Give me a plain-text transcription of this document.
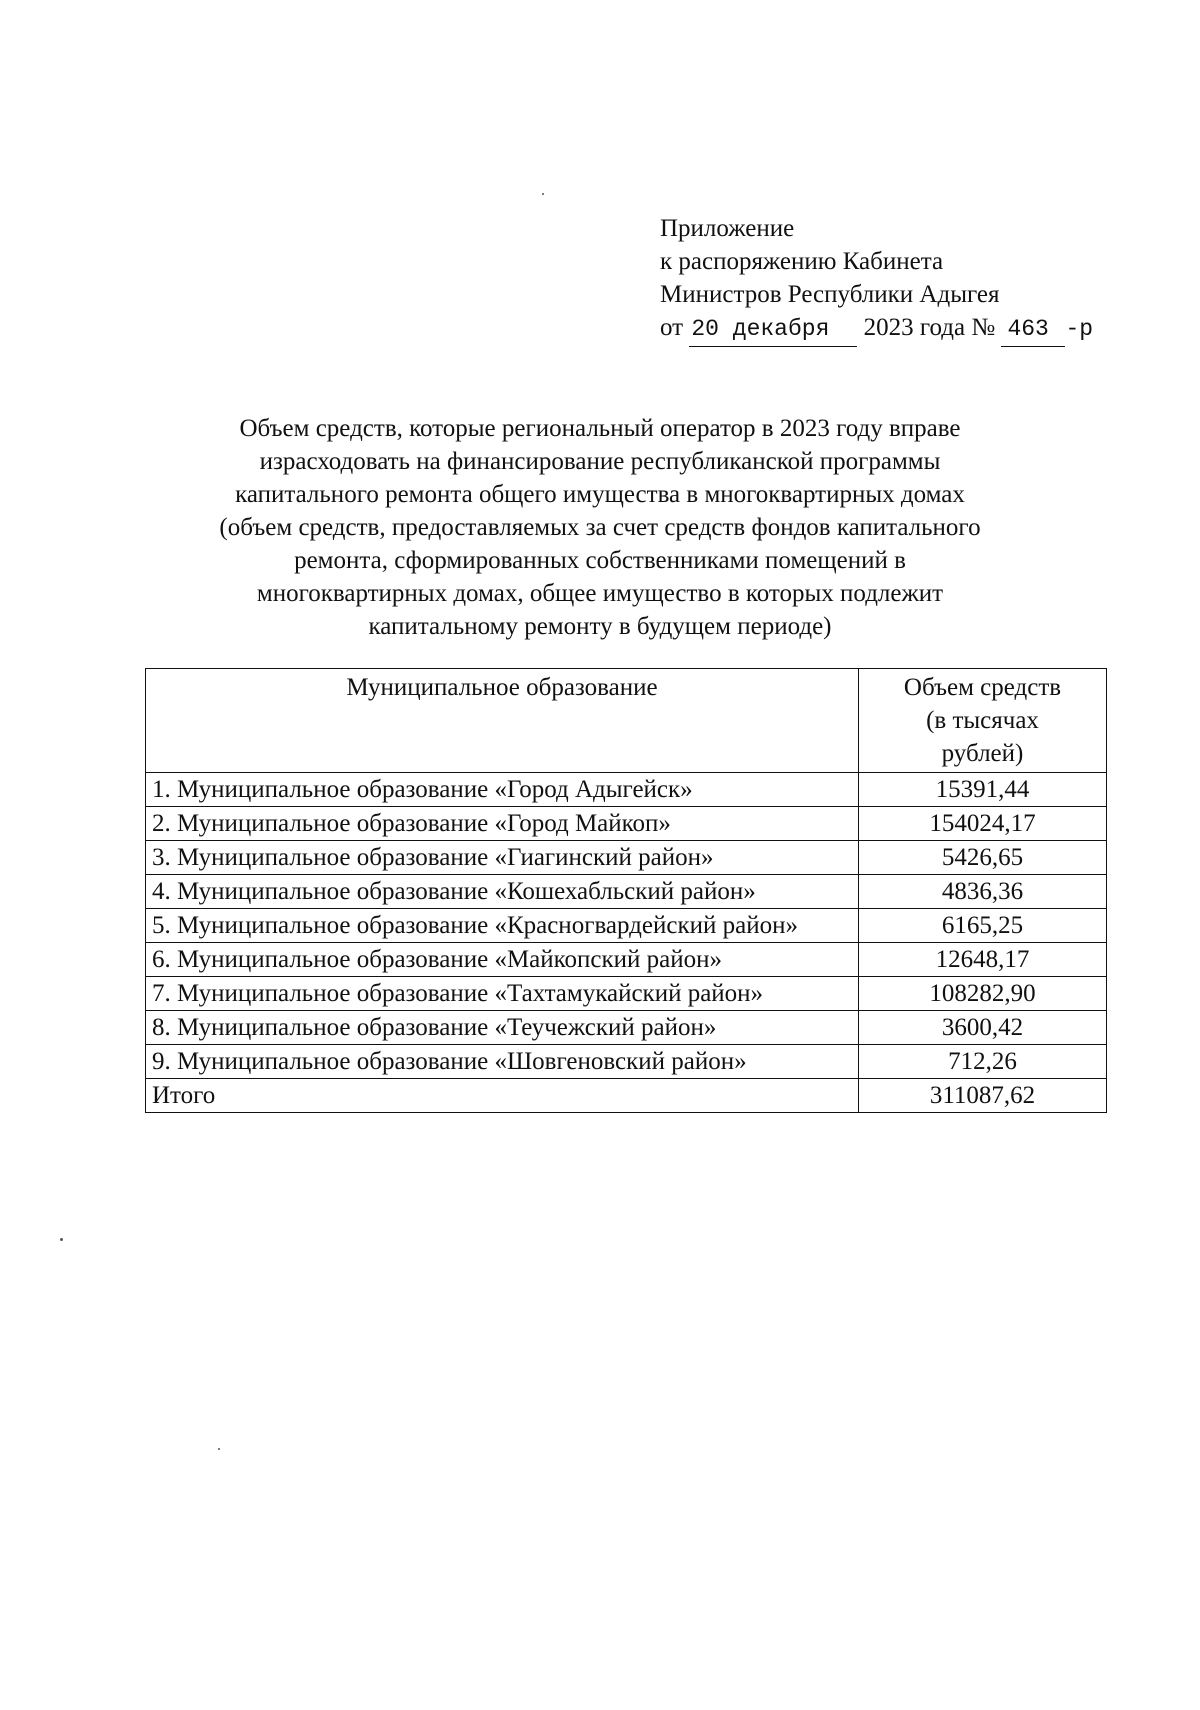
Приложение
к распоряжению Кабинета
Министров Республики Адыгея
от 20 декабря 2023 года № 463 -р
Объем средств, которые региональный оператор в 2023 году вправе
израсходовать на финансирование республиканской программы
капитального ремонта общего имущества в многоквартирных домах
(объем средств, предоставляемых за счет средств фондов капитального
ремонта, сформированных собственниками помещений в
многоквартирных домах, общее имущество в которых подлежит
капитальному ремонту в будущем периоде)
Муниципальное образование	Объем средств
(в тысячах
рублей)

1. Муниципальное образование «Город Адыгейск»	15391,44
2. Муниципальное образование «Город Майкоп»	154024,17
3. Муниципальное образование «Гиагинский район»	5426,65
4. Муниципальное образование «Кошехабльский район»	4836,36

5. Муниципальное образование «Красногвардейский район»	6165,25
6. Муниципальное образование «Майкопский район»	12648,17
7. Муниципальное образование «Тахтамукайский район»	108282,90
8. Муниципальное образование «Теучежский район»	3600,42
9. Муниципальное образование «Шовгеновский район»	712,26
Итого	311087,62
